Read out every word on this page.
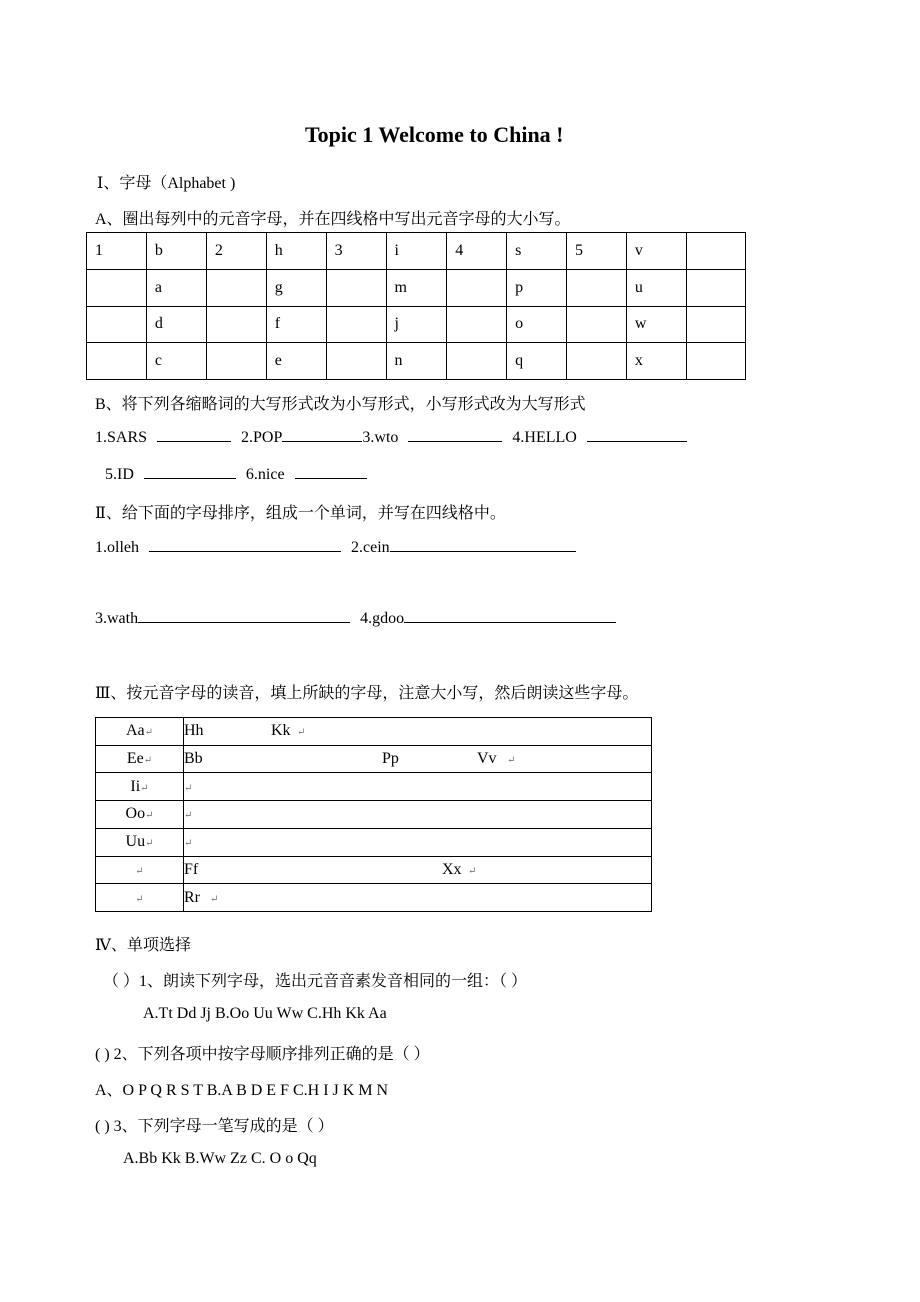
Topic 1 Welcome to China !
Ⅰ、字母（Alphabet )
A、圈出每列中的元音字母，并在四线格中写出元音字母的大小写。
1	b	2	h	3	i	4	s	5	v	
	a		g		m		p		u	
	d		f		j		o		w	
	c		e		n		q		x	
B、将下列各缩略词的大写形式改为小写形式，小写形式改为大写形式
1.SARS	2.POP	3.wto	4.HELLO
5.ID	6.nice
Ⅱ、给下面的字母排序，组成一个单词，并写在四线格中。
1.olleh	2.cein
3.wath	4.gdoo
Ⅲ、按元音字母的读音，填上所缺的字母，注意大小写，然后朗读这些字母。
Aa↵	Hh Kk ↵

Ee↵	Bb Pp Vv ↵

Ii↵	↵

Oo↵	↵

Uu↵	↵

↵	Ff Xx ↵

↵	Rr ↵
Ⅳ、单项选择
（ ）1、朗读下列字母，选出元音音素发音相同的一组：（ ）
A.Tt Dd Jj B.Oo Uu Ww C.Hh Kk Aa
( ) 2、下列各项中按字母顺序排列正确的是（ ）
A、O P Q R S T B.A B D E F C.H I J K M N
( ) 3、下列字母一笔写成的是（ ）
A.Bb Kk B.Ww Zz C. O o Qq
